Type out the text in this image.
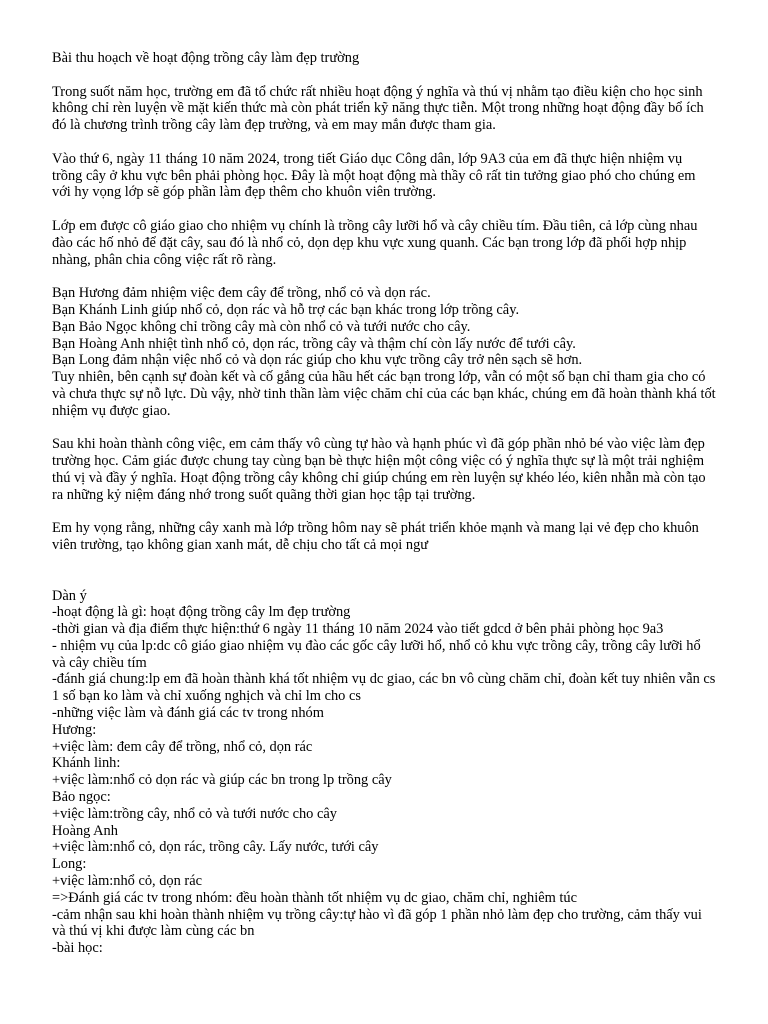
Bài thu hoạch về hoạt động trồng cây làm đẹp trường

Trong suốt năm học, trường em đã tổ chức rất nhiều hoạt động ý nghĩa và thú vị nhằm tạo điều kiện cho học sinh không chỉ rèn luyện về mặt kiến thức mà còn phát triển kỹ năng thực tiễn. Một trong những hoạt động đầy bổ ích đó là chương trình trồng cây làm đẹp trường, và em may mắn được tham gia.

Vào thứ 6, ngày 11 tháng 10 năm 2024, trong tiết Giáo dục Công dân, lớp 9A3 của em đã thực hiện nhiệm vụ trồng cây ở khu vực bên phải phòng học. Đây là một hoạt động mà thầy cô rất tin tưởng giao phó cho chúng em với hy vọng lớp sẽ góp phần làm đẹp thêm cho khuôn viên trường.

Lớp em được cô giáo giao cho nhiệm vụ chính là trồng cây lưỡi hổ và cây chiều tím. Đầu tiên, cả lớp cùng nhau đào các hố nhỏ để đặt cây, sau đó là nhổ cỏ, dọn dẹp khu vực xung quanh. Các bạn trong lớp đã phối hợp nhịp nhàng, phân chia công việc rất rõ ràng.

Bạn Hương đảm nhiệm việc đem cây để trồng, nhổ cỏ và dọn rác.
Bạn Khánh Linh giúp nhổ cỏ, dọn rác và hỗ trợ các bạn khác trong lớp trồng cây.
Bạn Bảo Ngọc không chỉ trồng cây mà còn nhổ cỏ và tưới nước cho cây.
Bạn Hoàng Anh nhiệt tình nhổ cỏ, dọn rác, trồng cây và thậm chí còn lấy nước để tưới cây.
Bạn Long đảm nhận việc nhổ cỏ và dọn rác giúp cho khu vực trồng cây trở nên sạch sẽ hơn.

Tuy nhiên, bên cạnh sự đoàn kết và cố gắng của hầu hết các bạn trong lớp, vẫn có một số bạn chỉ tham gia cho có và chưa thực sự nỗ lực. Dù vậy, nhờ tinh thần làm việc chăm chỉ của các bạn khác, chúng em đã hoàn thành khá tốt nhiệm vụ được giao.

Sau khi hoàn thành công việc, em cảm thấy vô cùng tự hào và hạnh phúc vì đã góp phần nhỏ bé vào việc làm đẹp trường học. Cảm giác được chung tay cùng bạn bè thực hiện một công việc có ý nghĩa thực sự là một trải nghiệm thú vị và đầy ý nghĩa. Hoạt động trồng cây không chỉ giúp chúng em rèn luyện sự khéo léo, kiên nhẫn mà còn tạo ra những kỷ niệm đáng nhớ trong suốt quãng thời gian học tập tại trường.

Em hy vọng rằng, những cây xanh mà lớp trồng hôm nay sẽ phát triển khỏe mạnh và mang lại vẻ đẹp cho khuôn viên trường, tạo không gian xanh mát, dễ chịu cho tất cả mọi ngư

Dàn ý
-hoạt động là gì: hoạt động trồng cây lm đẹp trường
-thời gian và địa điểm thực hiện:thứ 6 ngày 11 tháng 10 năm 2024 vào tiết gdcd ở bên phải phòng học 9a3
- nhiệm vụ của lp:dc cô giáo giao nhiệm vụ đào các gốc cây lưỡi hổ, nhổ cỏ khu vực trồng cây, trồng cây lưỡi hổ và cây chiều tím
-đánh giá chung:lp em đã hoàn thành khá tốt nhiệm vụ dc giao, các bn vô cùng chăm chỉ, đoàn kết tuy nhiên vẫn cs 1 số bạn ko làm và chỉ xuống nghịch và chỉ lm cho cs
-những việc làm và đánh giá các tv trong nhóm
Hương:
+việc làm: đem cây để trồng, nhổ cỏ, dọn rác
Khánh linh:
+việc làm:nhổ cỏ dọn rác và giúp các bn trong lp trồng cây
Bảo ngọc:
+việc làm:trồng cây, nhổ cỏ và tưới nước cho cây
Hoàng Anh
+việc làm:nhổ cỏ, dọn rác, trồng cây. Lấy nước, tưới cây
Long:
+việc làm:nhổ cỏ, dọn rác
=>Đánh giá các tv trong nhóm: đều hoàn thành tốt nhiệm vụ dc giao, chăm chỉ, nghiêm túc
-cảm nhận sau khi hoàn thành nhiệm vụ trồng cây:tự hào vì đã góp 1 phần nhỏ làm đẹp cho trường, cảm thấy vui và thú vị khi được làm cùng các bn
-bài học:
